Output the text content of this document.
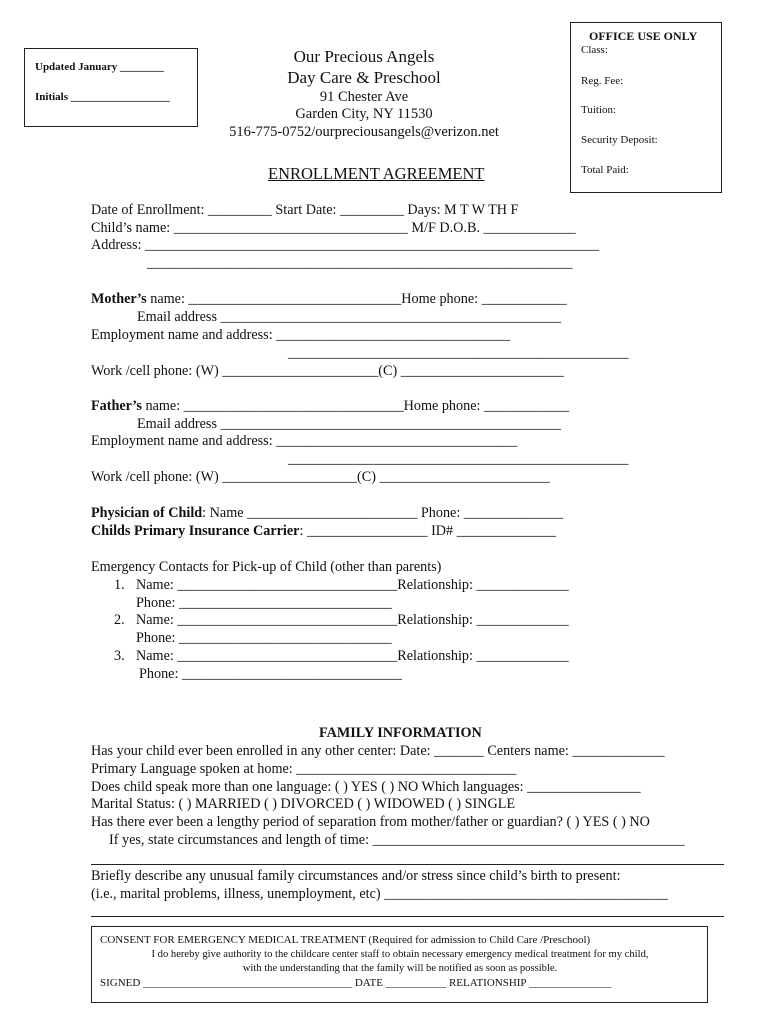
Updated January ________
Initials __________________
Our Precious Angels
Day Care & Preschool
91 Chester Ave
Garden City, NY 11530
516-775-0752/ourpreciousangels@verizon.net
ENROLLMENT AGREEMENT
OFFICE USE ONLY
Class:
Reg. Fee:
Tuition:
Security Deposit:
Total Paid:
Date of Enrollment: _________ Start Date: _________ Days: M T W TH F
Child’s name: _________________________________ M/F D.O.B. _____________
Address: ________________________________________________________________
____________________________________________________________
Mother’s name: ______________________________Home phone: ____________
Email address ________________________________________________
Employment name and address: _________________________________
________________________________________________
Work /cell phone: (W) ______________________(C) _______________________
Father’s name: _______________________________Home phone: ____________
Email address ________________________________________________
Employment name and address: __________________________________
________________________________________________
Work /cell phone: (W) ___________________(C) ________________________
Physician of Child: Name ________________________ Phone: ______________
Childs Primary Insurance Carrier: _________________ ID# ______________
Emergency Contacts for Pick-up of Child (other than parents)
1. Name: _______________________________Relationship: _____________
Phone: ______________________________
2. Name: _______________________________Relationship: _____________
Phone: ______________________________
3. Name: _______________________________Relationship: _____________
Phone: _______________________________
FAMILY INFORMATION
Has your child ever been enrolled in any other center: Date: _______ Centers name: _____________
Primary Language spoken at home: _______________________________
Does child speak more than one language: ( ) YES ( ) NO Which languages: ________________
Marital Status: ( ) MARRIED ( ) DIVORCED ( ) WIDOWED ( ) SINGLE
Has there ever been a lengthy period of separation from mother/father or guardian? ( ) YES ( ) NO
If yes, state circumstances and length of time: ____________________________________________
Briefly describe any unusual family circumstances and/or stress since child’s birth to present:
(i.e., marital problems, illness, unemployment, etc) ________________________________________
CONSENT FOR EMERGENCY MEDICAL TREATMENT (Required for admission to Child Care /Preschool)
I do hereby give authority to the childcare center staff to obtain necessary emergency medical treatment for my child,
with the understanding that the family will be notified as soon as possible.
SIGNED ______________________________________ DATE ___________ RELATIONSHIP _______________
